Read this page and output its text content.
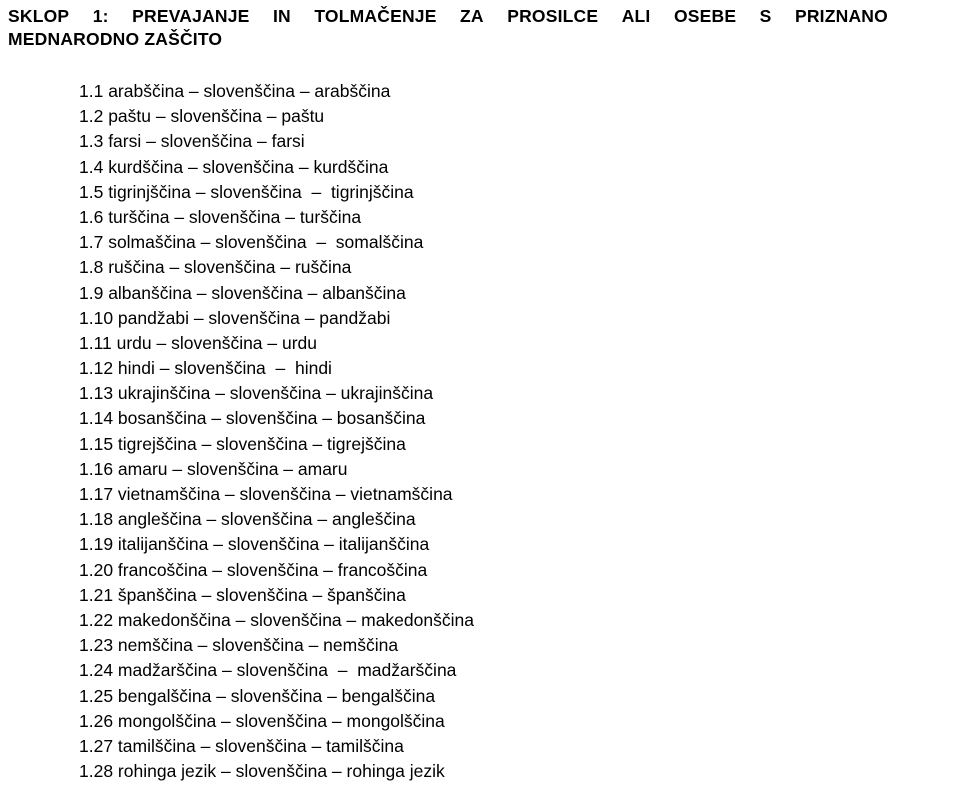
SKLOP 1: PREVAJANJE IN TOLMAČENJE ZA PROSILCE ALI OSEBE S PRIZNANO
MEDNARODNO ZAŠČITO
1.1 arabščina – slovenščina – arabščina
1.2 paštu – slovenščina – paštu
1.3 farsi – slovenščina – farsi
1.4 kurdščina – slovenščina – kurdščina
1.5 tigrinjščina – slovenščina  –  tigrinjščina
1.6 turščina – slovenščina – turščina
1.7 solmaščina – slovenščina  –  somalščina
1.8 ruščina – slovenščina – ruščina
1.9 albanščina – slovenščina – albanščina
1.10 pandžabi – slovenščina – pandžabi
1.11 urdu – slovenščina – urdu
1.12 hindi – slovenščina  –  hindi
1.13 ukrajinščina – slovenščina – ukrajinščina
1.14 bosanščina – slovenščina – bosanščina
1.15 tigrejščina – slovenščina – tigrejščina
1.16 amaru – slovenščina – amaru
1.17 vietnamščina – slovenščina – vietnamščina
1.18 angleščina – slovenščina – angleščina
1.19 italijanščina – slovenščina – italijanščina
1.20 francoščina – slovenščina – francoščina
1.21 španščina – slovenščina – španščina
1.22 makedonščina – slovenščina – makedonščina
1.23 nemščina – slovenščina – nemščina
1.24 madžarščina – slovenščina  –  madžarščina
1.25 bengalščina – slovenščina – bengalščina
1.26 mongolščina – slovenščina – mongolščina
1.27 tamilščina – slovenščina – tamilščina
1.28 rohinga jezik – slovenščina – rohinga jezik
